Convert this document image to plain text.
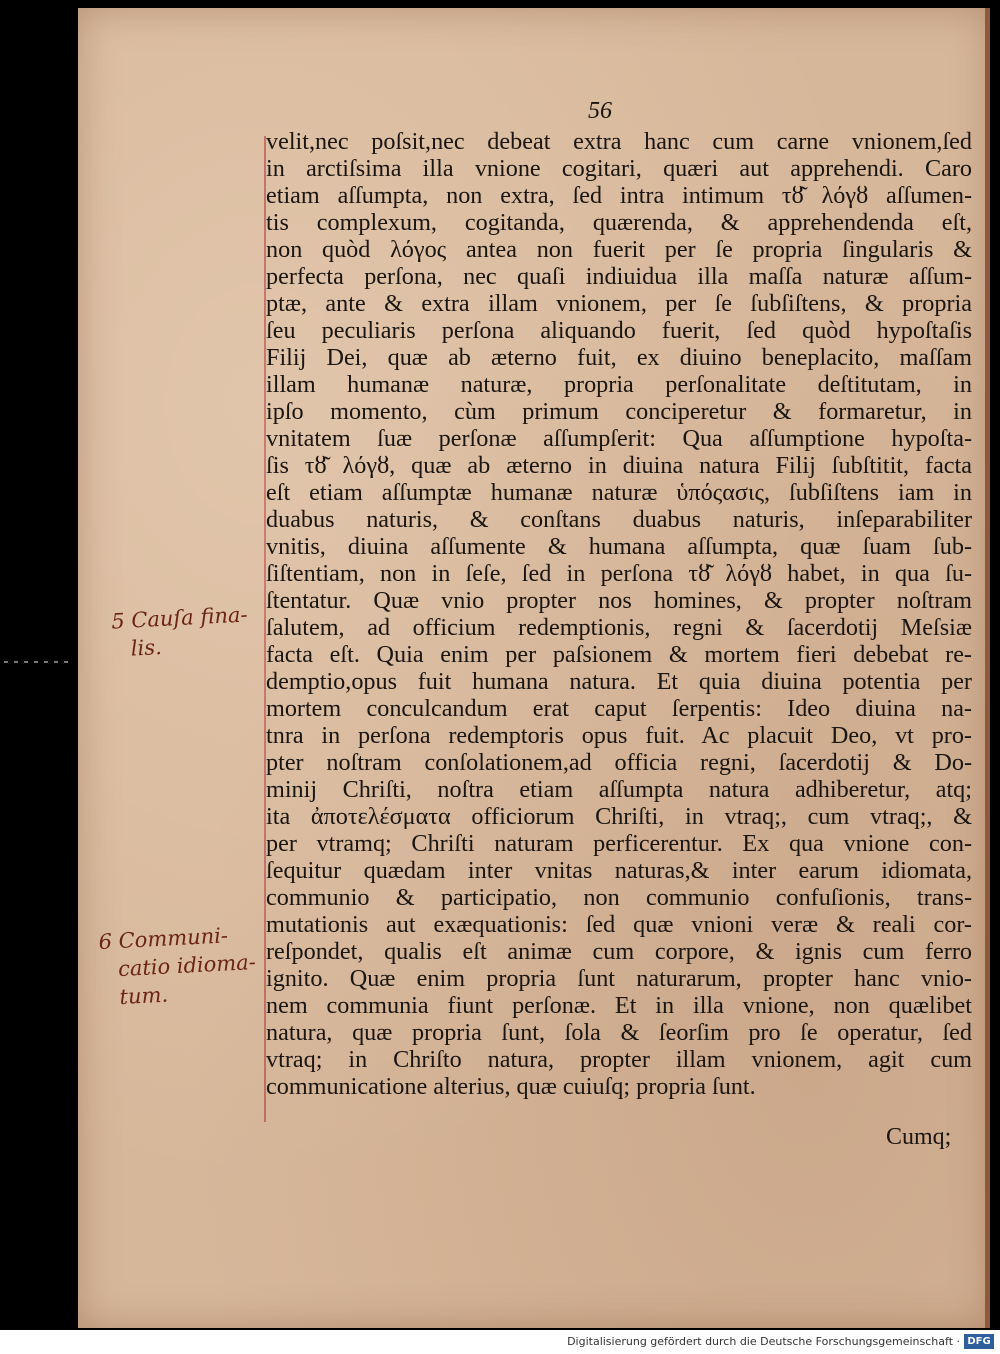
56
velit,nec poſsit,nec debeat extra hanc cum carne vnionem,ſed
in arctiſsima illa vnione cogitari, quæri aut apprehendi. Caro
etiam aſſumpta, non extra, ſed intra intimum τȣ͂ λόγȣ aſſumen-
tis complexum, cogitanda, quærenda, & apprehendenda eſt,
non quòd λόγος antea non fuerit per ſe propria ſingularis &
perfecta perſona, nec quaſi indiuidua illa maſſa naturæ aſſum-
ptæ, ante & extra illam vnionem, per ſe ſubſiſtens, & propria
ſeu peculiaris perſona aliquando fuerit, ſed quòd hypoſtaſis
Filij Dei, quæ ab æterno fuit, ex diuino beneplacito, maſſam
illam humanæ naturæ, propria perſonalitate deſtitutam, in
ipſo momento, cùm primum conciperetur & formaretur, in
vnitatem ſuæ perſonæ aſſumpſerit: Qua aſſumptione hypoſta-
ſis τȣ͂ λόγȣ, quæ ab æterno in diuina natura Filij ſubſtitit, facta
eſt etiam aſſumptæ humanæ naturæ ὑπόςασις, ſubſiſtens iam in
duabus naturis, & conſtans duabus naturis, inſeparabiliter
vnitis, diuina aſſumente & humana aſſumpta, quæ ſuam ſub-
ſiſtentiam, non in ſeſe, ſed in perſona τȣ͂ λόγȣ habet, in qua ſu-
ſtentatur. Quæ vnio propter nos homines, & propter noſtram
ſalutem, ad officium redemptionis, regni & ſacerdotij Meſsiæ
facta eſt. Quia enim per paſsionem & mortem fieri debebat re-
demptio,opus fuit humana natura. Et quia diuina potentia per
mortem conculcandum erat caput ſerpentis: Ideo diuina na-
tnra in perſona redemptoris opus fuit. Ac placuit Deo, vt pro-
pter noſtram conſolationem,ad officia regni, ſacerdotij & Do-
minij Chriſti, noſtra etiam aſſumpta natura adhiberetur, atq;
ita ἀποτελέσματα officiorum Chriſti, in vtraq;, cum vtraq;, &
per vtramq; Chriſti naturam perficerentur. Ex qua vnione con-
ſequitur quædam inter vnitas naturas,& inter earum idiomata,
communio & participatio, non communio confuſionis, trans-
mutationis aut exæquationis: ſed quæ vnioni veræ & reali cor-
reſpondet, qualis eſt animæ cum corpore, & ignis cum ferro
ignito. Quæ enim propria ſunt naturarum, propter hanc vnio-
nem communia fiunt perſonæ. Et in illa vnione, non quælibet
natura, quæ propria ſunt, ſola & ſeorſim pro ſe operatur, ſed
vtraq; in Chriſto natura, propter illam vnionem, agit cum
communicatione alterius, quæ cuiuſq; propria ſunt.
Cumq;
5 Cauſa fina-
lis.
6 Communi-
catio idioma-
tum.
Digitalisierung gefördert durch die Deutsche Forschungsgemeinschaft · DFG
